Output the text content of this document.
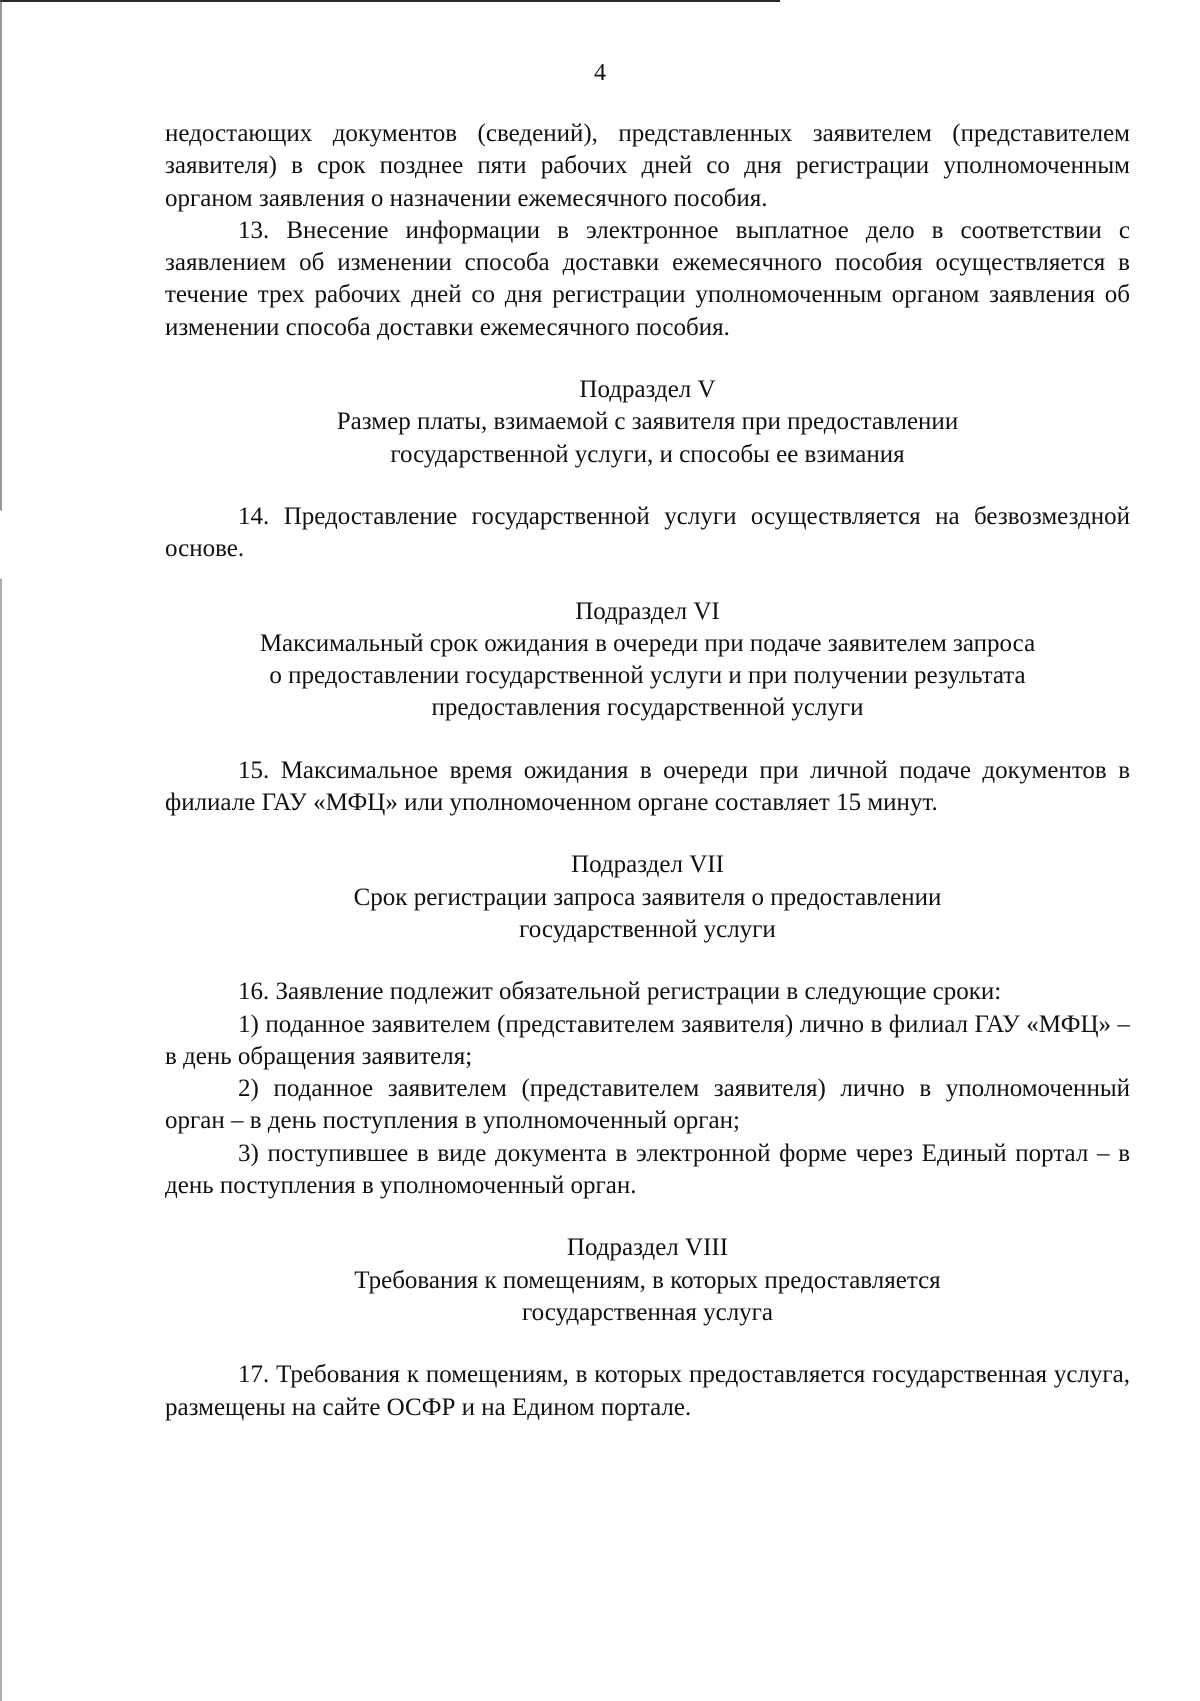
4

недостающих документов (сведений), представленных заявителем (представителем заявителя) в срок позднее пяти рабочих дней со дня регистрации уполномоченным органом заявления о назначении ежемесячного пособия.

13. Внесение информации в электронное выплатное дело в соответствии с заявлением об изменении способа доставки ежемесячного пособия осуществляется в течение трех рабочих дней со дня регистрации уполномоченным органом заявления об изменении способа доставки ежемесячного пособия.

Подраздел V

Размер платы, взимаемой с заявителя при предоставлении

государственной услуги, и способы ее взимания

14. Предоставление государственной услуги осуществляется на безвозмездной основе.

Подраздел VI

Максимальный срок ожидания в очереди при подаче заявителем запроса

о предоставлении государственной услуги и при получении результата

предоставления государственной услуги

15. Максимальное время ожидания в очереди при личной подаче документов в филиале ГАУ «МФЦ» или уполномоченном органе составляет 15 минут.

Подраздел VII

Срок регистрации запроса заявителя о предоставлении

государственной услуги

16. Заявление подлежит обязательной регистрации в следующие сроки:

1) поданное заявителем (представителем заявителя) лично в филиал ГАУ «МФЦ» – в день обращения заявителя;

2) поданное заявителем (представителем заявителя) лично в уполномоченный орган – в день поступления в уполномоченный орган;

3) поступившее в виде документа в электронной форме через Единый портал – в день поступления в уполномоченный орган.

Подраздел VIII

Требования к помещениям, в которых предоставляется

государственная услуга

17. Требования к помещениям, в которых предоставляется государственная услуга, размещены на сайте ОСФР и на Едином портале.
